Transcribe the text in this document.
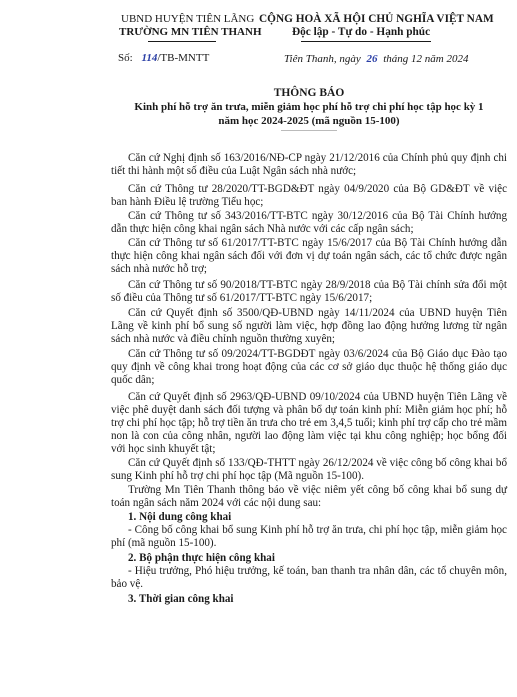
UBND HUYỆN TIÊN LÃNG
TRƯỜNG MN TIÊN THANH
Số: 114/TB-MNTT
CỘNG HOÀ XÃ HỘI CHỦ NGHĨA VIỆT NAM
Độc lập - Tự do - Hạnh phúc
Tiên Thanh, ngày 26 tháng 12 năm 2024
THÔNG BÁO
Kinh phí hỗ trợ ăn trưa, miễn giảm học phí hỗ trợ chi phí học tập học kỳ 1
năm học 2024-2025 (mã nguồn 15-100)

Căn cứ Nghị định số 163/2016/NĐ-CP ngày 21/12/2016 của Chính phủ quy định chi tiết thi hành một số điều của Luật Ngân sách nhà nước;

Căn cứ Thông tư 28/2020/TT-BGD&ĐT ngày 04/9/2020 của Bộ GD&ĐT về việc ban hành Điều lệ trường Tiểu học;

Căn cứ Thông tư số 343/2016/TT-BTC ngày 30/12/2016 của Bộ Tài Chính hướng dẫn thực hiện công khai ngân sách Nhà nước với các cấp ngân sách;

Căn cứ Thông tư số 61/2017/TT-BTC ngày 15/6/2017 của Bộ Tài Chính hướng dẫn thực hiện công khai ngân sách đối với đơn vị dự toán ngân sách, các tổ chức được ngân sách nhà nước hỗ trợ;

Căn cứ Thông tư số 90/2018/TT-BTC ngày 28/9/2018 của Bộ Tài chính sửa đổi một số điều của Thông tư số 61/2017/TT-BTC ngày 15/6/2017;

Căn cứ Quyết định số 3500/QĐ-UBND ngày 14/11/2024 của UBND huyện Tiên Lãng về kinh phí bổ sung số người làm việc, hợp đồng lao động hưởng lương từ ngân sách nhà nước và điều chỉnh nguồn thường xuyên;

Căn cứ Thông tư số 09/2024/TT-BGDĐT ngày 03/6/2024 của Bộ Giáo dục Đào tạo quy định về công khai trong hoạt động của các cơ sở giáo dục thuộc hệ thống giáo dục quốc dân;

Căn cứ Quyết định số 2963/QĐ-UBND 09/10/2024 của UBND huyện Tiên Lãng về việc phê duyệt danh sách đối tượng và phân bổ dự toán kinh phí: Miễn giảm học phí; hỗ trợ chi phí học tập; hỗ trợ tiền ăn trưa cho trẻ em 3,4,5 tuổi; kinh phí trợ cấp cho trẻ mầm non là con của công nhân, người lao động làm việc tại khu công nghiệp; học bổng đối với học sinh khuyết tật;

Căn cứ Quyết định số 133/QĐ-THTT ngày 26/12/2024 về việc công bố công khai bổ sung Kinh phí hỗ trợ chi phí học tập (Mã nguồn 15-100).

Trường Mn Tiên Thanh thông báo về việc niêm yết công bố công khai bổ sung dự toán ngân sách năm 2024 với các nội dung sau:

1. Nội dung công khai

- Công bố công khai bổ sung Kinh phí hỗ trợ ăn trưa, chi phí học tập, miễn giảm học phí (mã nguồn 15-100).

2. Bộ phận thực hiện công khai

- Hiệu trưởng, Phó hiệu trưởng, kế toán, ban thanh tra nhân dân, các tổ chuyên môn, bảo vệ.

3. Thời gian công khai
